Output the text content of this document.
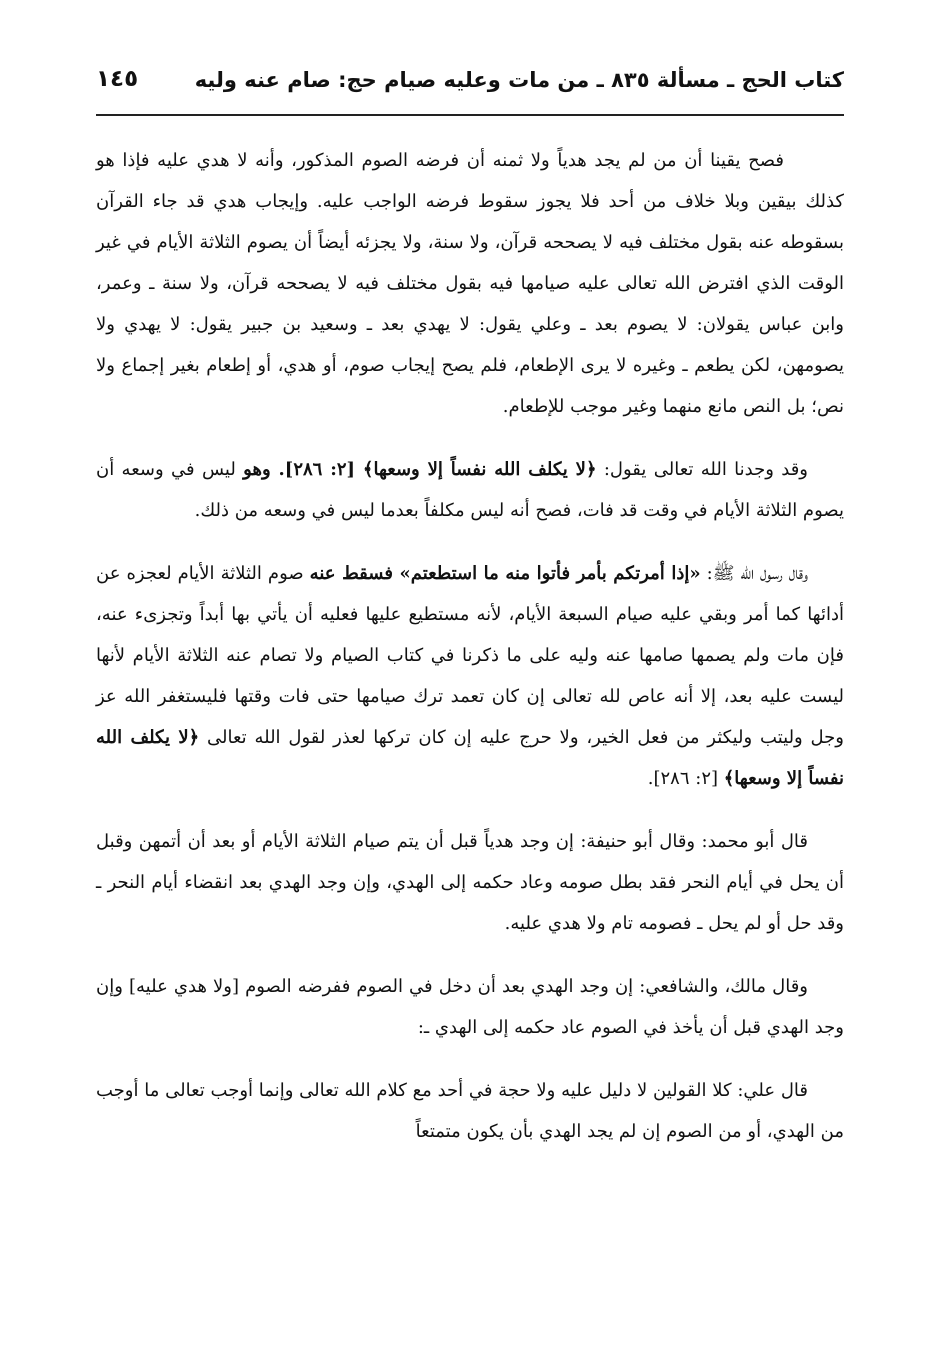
كتاب الحج ـ مسألة ٨٣٥ ـ من مات وعليه صيام حج: صام عنه وليه
١٤٥

فصح يقينا أن من لم يجد هدياً ولا ثمنه أن فرضه الصوم المذكور، وأنه لا هدي عليه فإذا هو كذلك بيقين وبلا خلاف من أحد فلا يجوز سقوط فرضه الواجب عليه. وإيجاب هدي قد جاء القرآن بسقوطه عنه بقول مختلف فيه لا يصححه قرآن، ولا سنة، ولا يجزئه أيضاً أن يصوم الثلاثة الأيام في غير الوقت الذي افترض الله تعالى عليه صيامها فيه بقول مختلف فيه لا يصححه قرآن، ولا سنة ـ وعمر، وابن عباس يقولان: لا يصوم بعد ـ وعلي يقول: لا يهدي بعد ـ وسعيد بن جبير يقول: لا يهدي ولا يصومهن، لكن يطعم ـ وغيره لا يرى الإطعام، فلم يصح إيجاب صوم، أو هدي، أو إطعام بغير إجماع ولا نص؛ بل النص مانع منهما وغير موجب للإطعام.

وقد وجدنا الله تعالى يقول: ﴿لا يكلف الله نفساً إلا وسعها﴾ [٢: ٢٨٦]. وهو ليس في وسعه أن يصوم الثلاثة الأيام في وقت قد فات، فصح أنه ليس مكلفاً بعدما ليس في وسعه من ذلك.

وقال رسول الله ﷺ: «إذا أمرتكم بأمر فأتوا منه ما استطعتم» فسقط عنه صوم الثلاثة الأيام لعجزه عن أدائها كما أمر وبقي عليه صيام السبعة الأيام، لأنه مستطيع عليها فعليه أن يأتي بها أبداً وتجزىء عنه، فإن مات ولم يصمها صامها عنه وليه على ما ذكرنا في كتاب الصيام ولا تصام عنه الثلاثة الأيام لأنها ليست عليه بعد، إلا أنه عاص لله تعالى إن كان تعمد ترك صيامها حتى فات وقتها فليستغفر الله عز وجل وليتب وليكثر من فعل الخير، ولا حرج عليه إن كان تركها لعذر لقول الله تعالى ﴿لا يكلف الله نفساً إلا وسعها﴾ [٢: ٢٨٦].

قال أبو محمد: وقال أبو حنيفة: إن وجد هدياً قبل أن يتم صيام الثلاثة الأيام أو بعد أن أتمهن وقبل أن يحل في أيام النحر فقد بطل صومه وعاد حكمه إلى الهدي، وإن وجد الهدي بعد انقضاء أيام النحر ـ وقد حل أو لم يحل ـ فصومه تام ولا هدي عليه.

وقال مالك، والشافعي: إن وجد الهدي بعد أن دخل في الصوم ففرضه الصوم [ولا هدي عليه] وإن وجد الهدي قبل أن يأخذ في الصوم عاد حكمه إلى الهدي ـ:

قال علي: كلا القولين لا دليل عليه ولا حجة في أحد مع كلام الله تعالى وإنما أوجب تعالى ما أوجب من الهدي، أو من الصوم إن لم يجد الهدي بأن يكون متمتعاً
